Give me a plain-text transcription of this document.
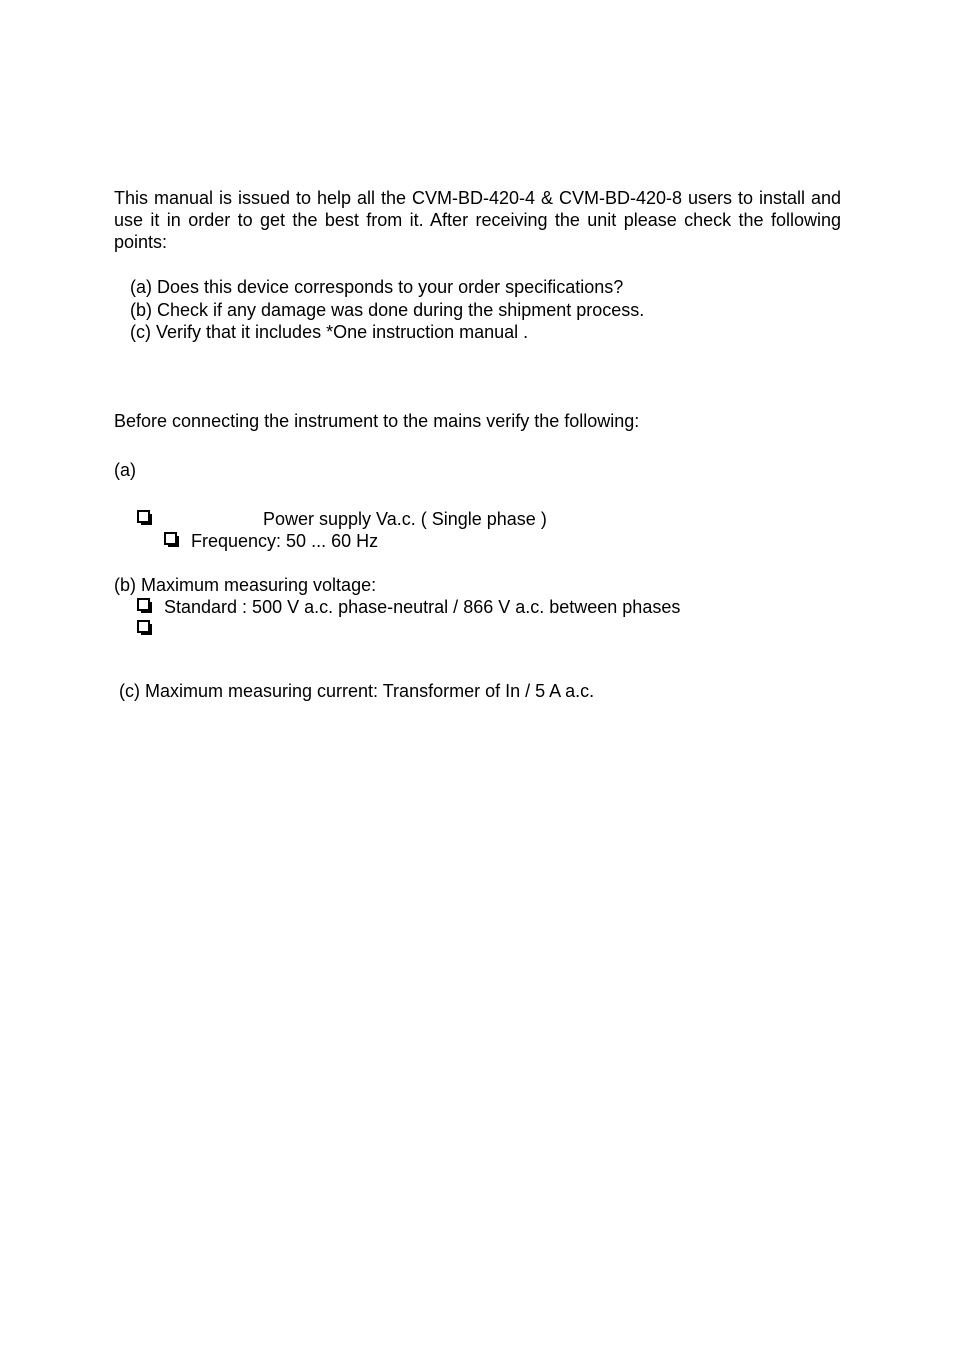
This manual is issued to help all the CVM-BD-420-4 & CVM-BD-420-8 users to install and use it in order to get the best from it. After receiving the unit please check the following points:
(a) Does this device corresponds to your order specifications?
(b) Check if any damage was done during the shipment process.
(c) Verify that it includes *One instruction manual .
Before connecting the instrument to the mains verify the following:
(a)
Power supply Va.c. ( Single phase )
Frequency: 50 ... 60 Hz
(b) Maximum measuring voltage:
Standard : 500 V a.c. phase-neutral / 866 V a.c. between phases
(c) Maximum measuring current: Transformer of In / 5 A a.c.
